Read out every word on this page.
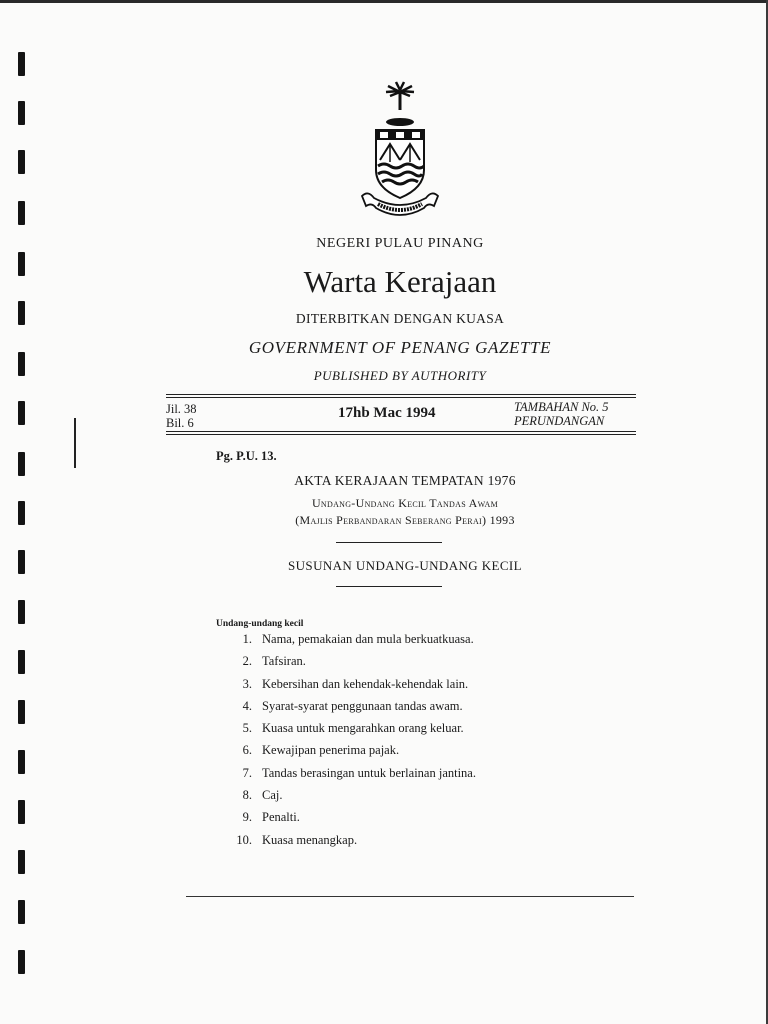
NEGERI PULAU PINANG
Warta Kerajaan
DITERBITKAN DENGAN KUASA
GOVERNMENT OF PENANG GAZETTE
PUBLISHED BY AUTHORITY
Jil. 38
Bil. 6
17hb Mac 1994	TAMBAHAN No. 5
PERUNDANGAN
Pg. P.U. 13.
AKTA KERAJAAN TEMPATAN 1976
Undang-Undang Kecil Tandas Awam
(Majlis Perbandaran Seberang Perai) 1993
SUSUNAN UNDANG-UNDANG KECIL
Undang-undang kecil
1. Nama, pemakaian dan mula berkuatkuasa.
2. Tafsiran.
3. Kebersihan dan kehendak-kehendak lain.
4. Syarat-syarat penggunaan tandas awam.
5. Kuasa untuk mengarahkan orang keluar.
6. Kewajipan penerima pajak.
7. Tandas berasingan untuk berlainan jantina.
8. Caj.
9. Penalti.
10. Kuasa menangkap.
